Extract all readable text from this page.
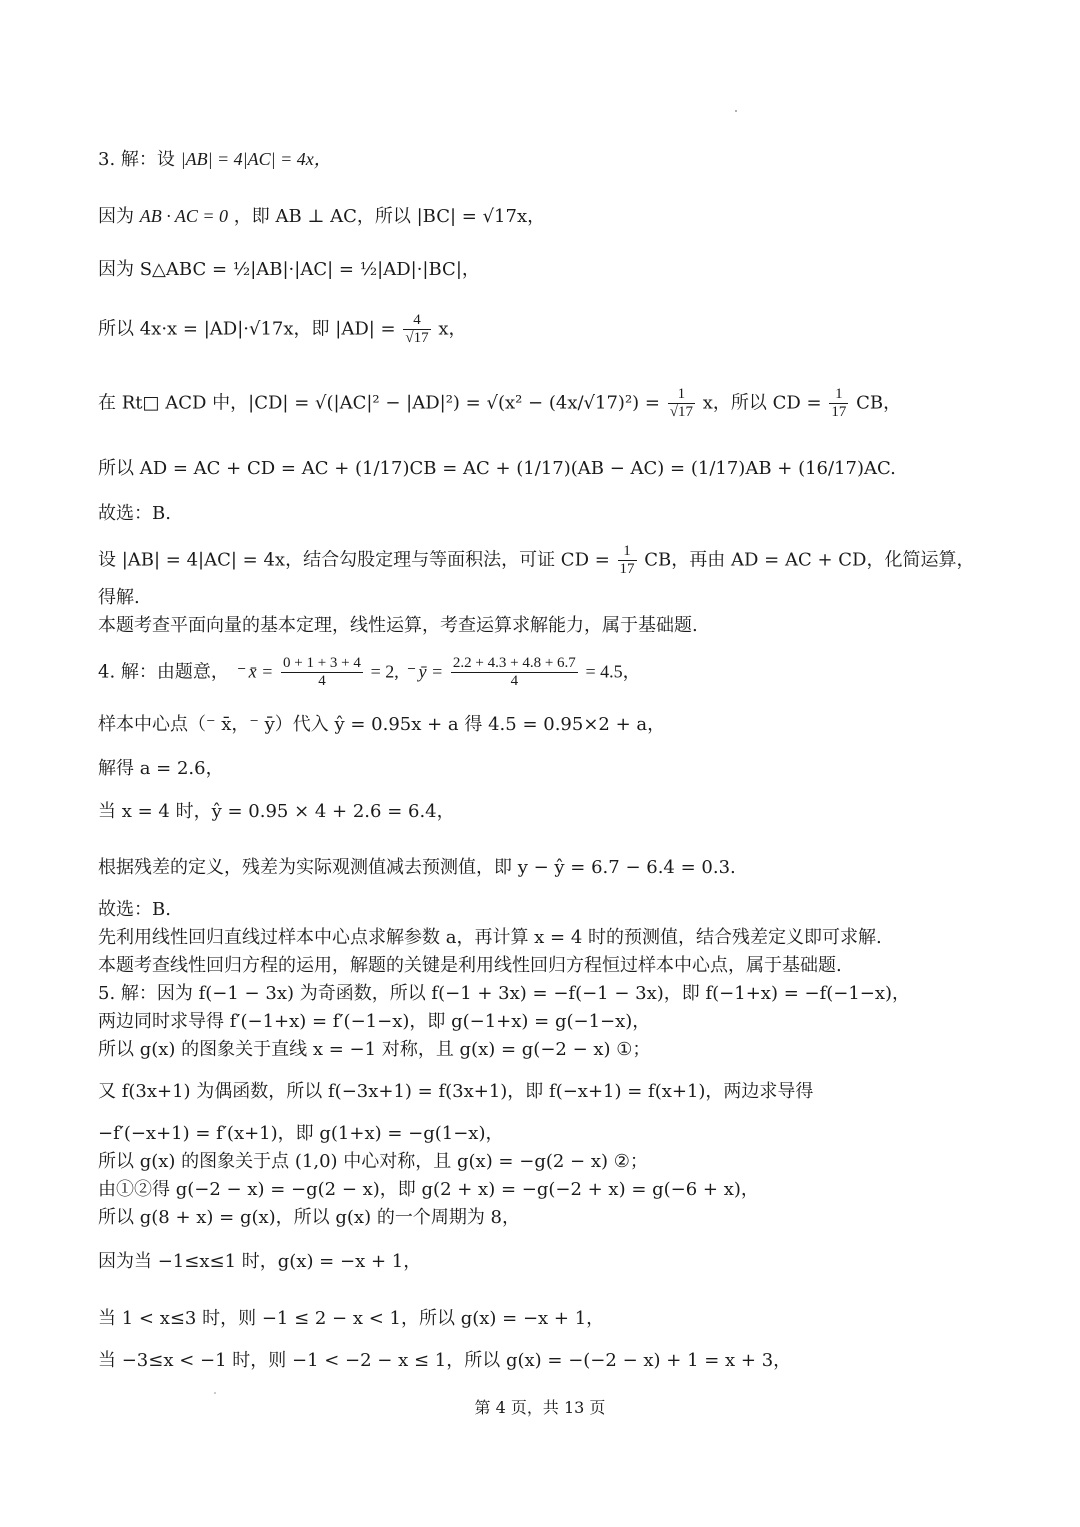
3. 解：设 |AB| = 4|AC| = 4x，
因为 AB · AC = 0 ，即 AB ⊥ AC，所以 |BC| = √17x，
因为 S△ABC = ½|AB|·|AC| = ½|AD|·|BC|，
所以 4x·x = |AD|·√17x，即 $|AD| = \frac{4}{√17}$ x，
在 Rt□ ACD 中，$|CD| = √(|AC|^2 - |AD|^2) = √(x^2 - (4x/√17)^2) = \frac{1}{√17}$ x，所以 CD = $\frac{1}{17}$ CB，
所以 AD = AC + CD = AC + (1/17)CB = AC + (1/17)(AB − AC) = (1/17)AB + (16/17)AC.
故选：B.
设 |AB| = 4|AC| = 4x，结合勾股定理与等面积法，可证 CD = $\frac{1}{17}$ CB，再由 AD = AC + CD，化简运算，
得解.
本题考查平面向量的基本定理，线性运算，考查运算求解能力，属于基础题.
4. 解：由题意， ⁻ x̄ = $\frac{0 + 1 + 3 + 4}{4} = 2$, ⁻ ȳ = $\frac{2.2 + 4.3 + 4.8 + 6.7}{4} = 4.5$，
样本中心点（⁻ x̄，⁻ ȳ）代入 ŷ = 0.95x + a 得 4.5 = 0.95×2 + a，
解得 a = 2.6，
当 x = 4 时，ŷ = 0.95 × 4 + 2.6 = 6.4，
根据残差的定义，残差为实际观测值减去预测值，即 y − ŷ = 6.7 − 6.4 = 0.3.
故选：B.
先利用线性回归直线过样本中心点求解参数 a，再计算 x = 4 时的预测值，结合残差定义即可求解.
本题考查线性回归方程的运用，解题的关键是利用线性回归方程恒过样本中心点，属于基础题.
5. 解：因为 f(−1 − 3x) 为奇函数，所以 f(−1 + 3x) = −f(−1 − 3x)，即 f(−1+x) = −f(−1−x)，
两边同时求导得 f′(−1+x) = f′(−1−x)，即 g(−1+x) = g(−1−x)，
所以 g(x) 的图象关于直线 x = −1 对称，且 g(x) = g(−2 − x) ①；
又 f(3x+1) 为偶函数，所以 f(−3x+1) = f(3x+1)，即 f(−x+1) = f(x+1)，两边求导得
−f′(−x+1) = f′(x+1)，即 g(1+x) = −g(1−x)，
所以 g(x) 的图象关于点 (1,0) 中心对称，且 g(x) = −g(2 − x) ②；
由①②得 g(−2 − x) = −g(2 − x)，即 g(2 + x) = −g(−2 + x) = g(−6 + x)，
所以 g(8 + x) = g(x)，所以 g(x) 的一个周期为 8，
因为当 −1≤x≤1 时，g(x) = −x + 1，
当 1 < x≤3 时，则 −1 ≤ 2 − x < 1，所以 g(x) = −x + 1，
当 −3≤x < −1 时，则 −1 < −2 − x ≤ 1，所以 g(x) = −(−2 − x) + 1 = x + 3，
第 4 页，共 13 页
